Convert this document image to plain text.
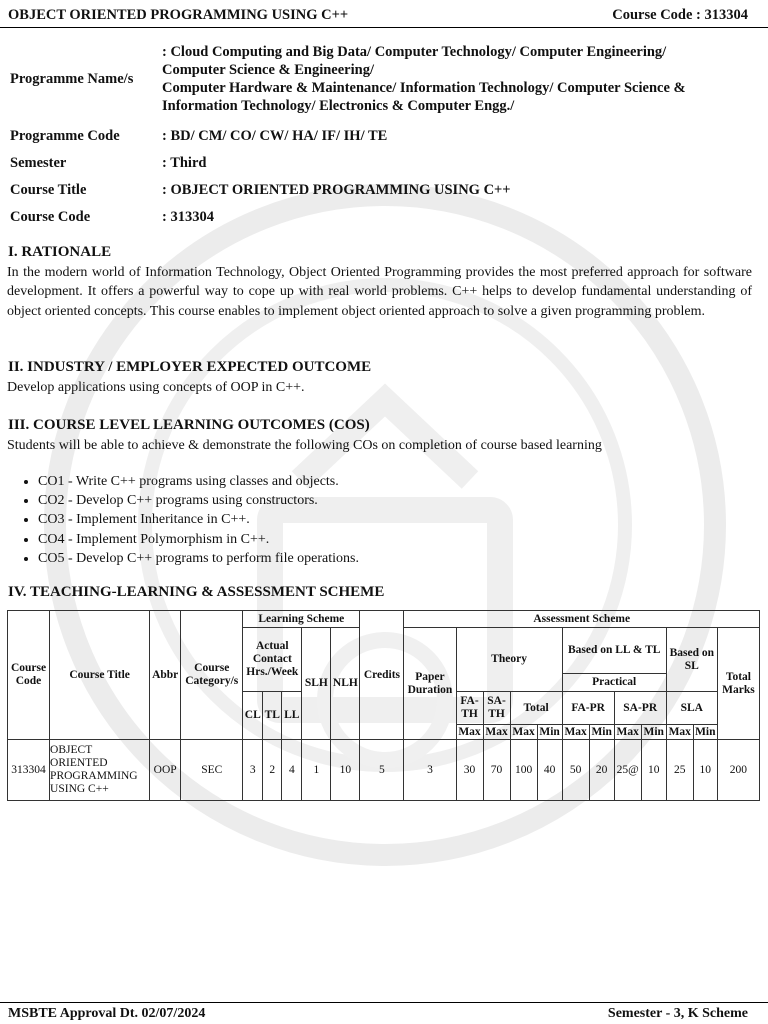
OBJECT ORIENTED PROGRAMMING USING C++	Course Code : 313304
Programme Name/s	: Cloud Computing and Big Data/ Computer Technology/ Computer Engineering/
Computer Science & Engineering/
Computer Hardware & Maintenance/ Information Technology/ Computer Science &
Information Technology/ Electronics & Computer Engg./

Programme Code	: BD/ CM/ CO/ CW/ HA/ IF/ IH/ TE
Semester	: Third
Course Title	: OBJECT ORIENTED PROGRAMMING USING C++
Course Code	: 313304
I. RATIONALE
In the modern world of Information Technology, Object Oriented Programming provides the most preferred approach for software development. It offers a powerful way to cope up with real world problems. C++ helps to develop fundamental understanding of object oriented concepts. This course enables to implement object oriented approach to solve a given programming problem.
II. INDUSTRY / EMPLOYER EXPECTED OUTCOME
Develop applications using concepts of OOP in C++.
III. COURSE LEVEL LEARNING OUTCOMES (COS)
Students will be able to achieve & demonstrate the following COs on completion of course based learning
• CO1 - Write C++ programs using classes and objects.
• CO2 - Develop C++ programs using constructors.
• CO3 - Implement Inheritance in C++.
• CO4 - Implement Polymorphism in C++.
• CO5 - Develop C++ programs to perform file operations.
IV. TEACHING-LEARNING & ASSESSMENT SCHEME
Course Code	Course Title	Abbr	Course Category/s	Learning Scheme					Credits	Assessment Scheme											
				Actual Contact Hrs./Week			SLH	NLH		Paper Duration	Theory				Based on LL & TL				Based on SL		Total Marks
															Practical						
				CL	TL	LL					FA-TH	SA-TH	Total		FA-PR		SA-PR		SLA		
											Max	Max	Max	Min	Max	Min	Max	Min	Max	Min	
313304	OBJECT ORIENTED PROGRAMMING USING C++	OOP	SEC	3	2	4	1	10	5	3	30	70	100	40	50	20	25@	10	25	10	200
MSBTE Approval Dt. 02/07/2024	Semester - 3, K Scheme
